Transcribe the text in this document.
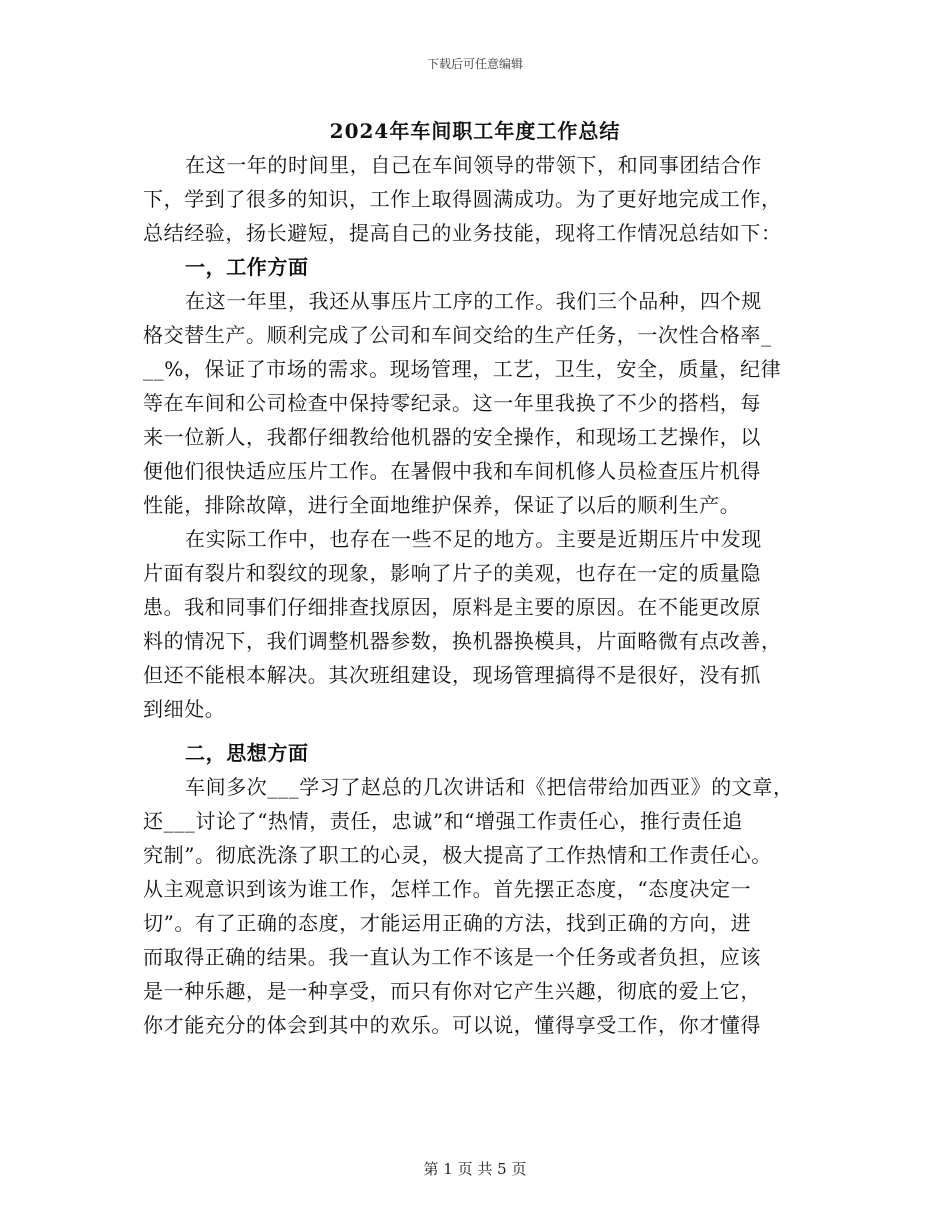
下载后可任意编辑
2024年车间职工年度工作总结
在这一年的时间里，自己在车间领导的带领下，和同事团结合作
下，学到了很多的知识，工作上取得圆满成功。为了更好地完成工作，
总结经验，扬长避短，提高自己的业务技能，现将工作情况总结如下：
一，工作方面
在这一年里，我还从事压片工序的工作。我们三个品种，四个规
格交替生产。顺利完成了公司和车间交给的生产任务，一次性合格率_
__%，保证了市场的需求。现场管理，工艺，卫生，安全，质量，纪律
等在车间和公司检查中保持零纪录。这一年里我换了不少的搭档，每
来一位新人，我都仔细教给他机器的安全操作，和现场工艺操作，以
便他们很快适应压片工作。在暑假中我和车间机修人员检查压片机得
性能，排除故障，进行全面地维护保养，保证了以后的顺利生产。
在实际工作中，也存在一些不足的地方。主要是近期压片中发现
片面有裂片和裂纹的现象，影响了片子的美观，也存在一定的质量隐
患。我和同事们仔细排查找原因，原料是主要的原因。在不能更改原
料的情况下，我们调整机器参数，换机器换模具，片面略微有点改善，
但还不能根本解决。其次班组建设，现场管理搞得不是很好，没有抓
到细处。
二，思想方面
车间多次___学习了赵总的几次讲话和《把信带给加西亚》的文章，
还___讨论了“热情，责任，忠诚”和“增强工作责任心，推行责任追
究制”。彻底洗涤了职工的心灵，极大提高了工作热情和工作责任心。
从主观意识到该为谁工作，怎样工作。首先摆正态度，“态度决定一
切”。有了正确的态度，才能运用正确的方法，找到正确的方向，进
而取得正确的结果。我一直认为工作不该是一个任务或者负担，应该
是一种乐趣，是一种享受，而只有你对它产生兴趣，彻底的爱上它，
你才能充分的体会到其中的欢乐。可以说，懂得享受工作，你才懂得
第 1 页 共 5 页
